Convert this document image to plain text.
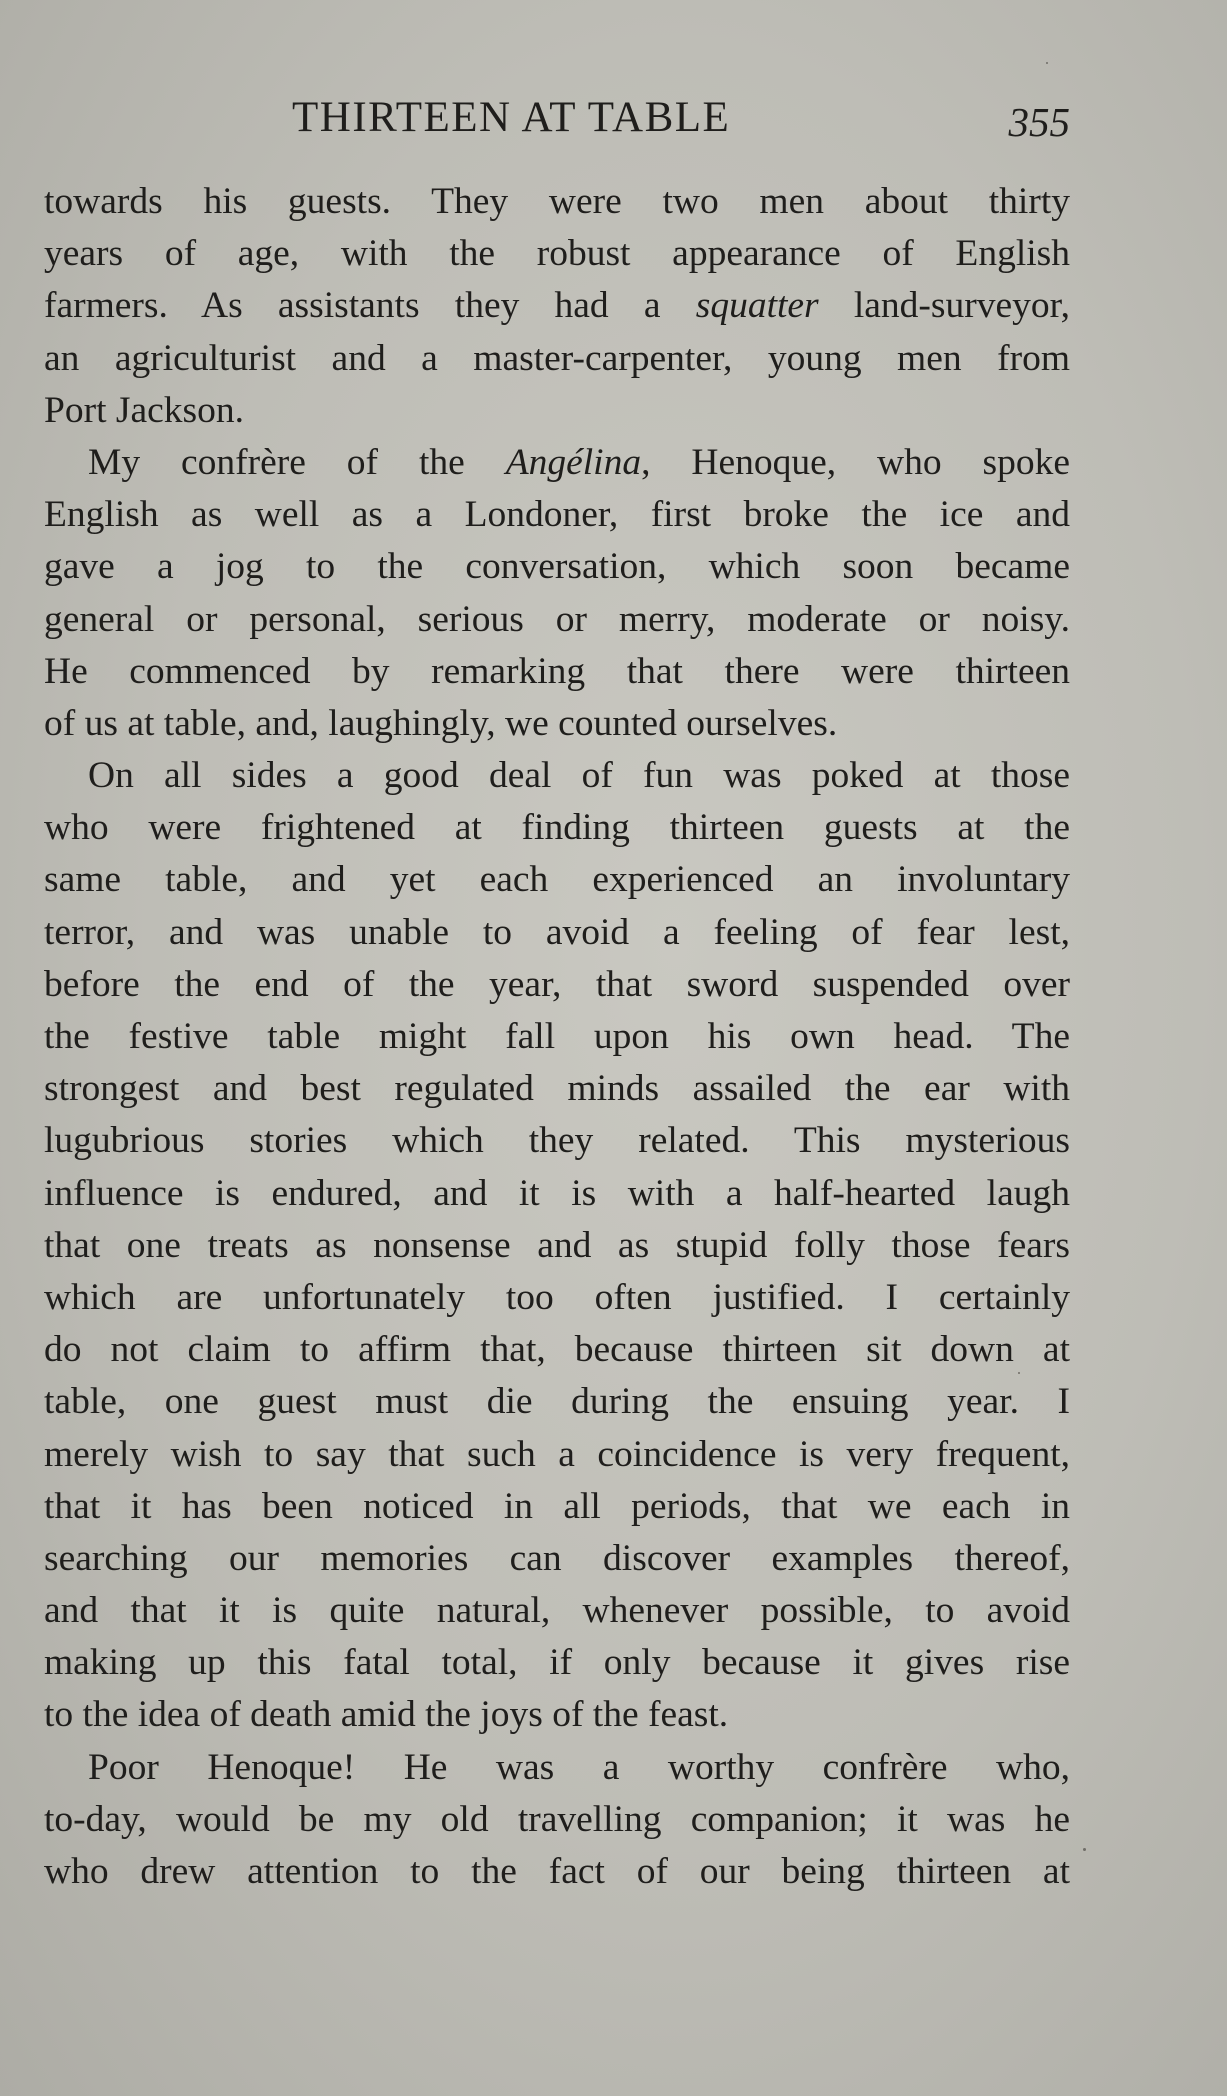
THIRTEEN AT TABLE	355
towards his guests. They were two men about thirty
years of age, with the robust appearance of English
farmers. As assistants they had a squatter land-surveyor,
an agriculturist and a master-carpenter, young men from
Port Jackson.
My confrère of the Angélina, Henoque, who spoke
English as well as a Londoner, first broke the ice and
gave a jog to the conversation, which soon became
general or personal, serious or merry, moderate or noisy.
He commenced by remarking that there were thirteen
of us at table, and, laughingly, we counted ourselves.
On all sides a good deal of fun was poked at those
who were frightened at finding thirteen guests at the
same table, and yet each experienced an involuntary
terror, and was unable to avoid a feeling of fear lest,
before the end of the year, that sword suspended over
the festive table might fall upon his own head. The
strongest and best regulated minds assailed the ear with
lugubrious stories which they related. This mysterious
influence is endured, and it is with a half-hearted laugh
that one treats as nonsense and as stupid folly those fears
which are unfortunately too often justified. I certainly
do not claim to affirm that, because thirteen sit down at
table, one guest must die during the ensuing year. I
merely wish to say that such a coincidence is very frequent,
that it has been noticed in all periods, that we each in
searching our memories can discover examples thereof,
and that it is quite natural, whenever possible, to avoid
making up this fatal total, if only because it gives rise
to the idea of death amid the joys of the feast.
Poor Henoque! He was a worthy confrère who,
to-day, would be my old travelling companion; it was he
who drew attention to the fact of our being thirteen at
